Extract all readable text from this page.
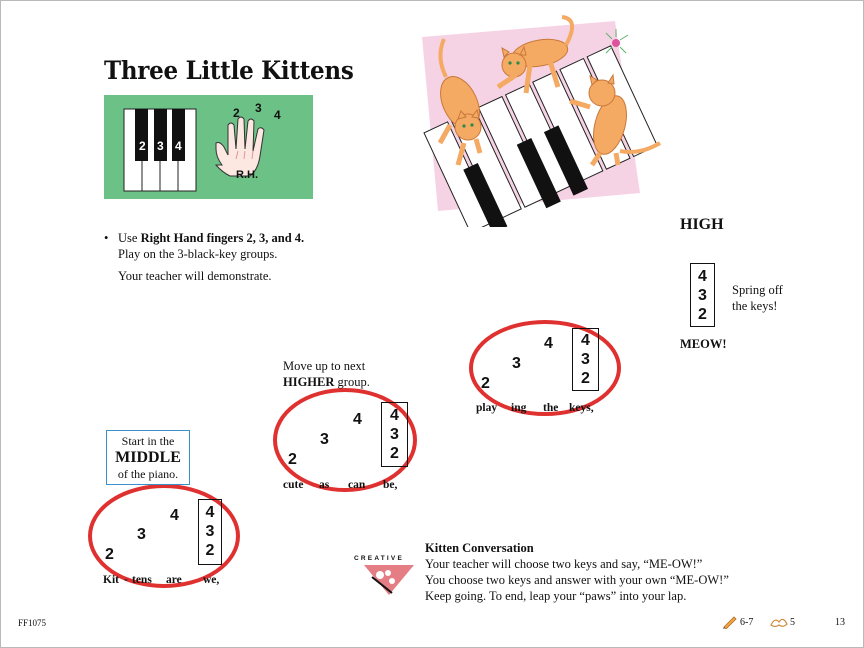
Three Little Kittens
2 3 4
2 3 4
R.H.
• Use Right Hand fingers 2, 3, and 4.
Play on the 3-black-key groups.
Your teacher will demonstrate.
HIGH
4
3
2
Spring off
the keys!
MEOW!
4
3
2
4
3
2
play ing the keys,
Move up to next
HIGHER group.
4
3
2
4
3
2
cute as can be,
Start in the
MIDDLE
of the piano.
4
3
2
4
3
2
Kit - tens are we,
CREATIVE
Kitten Conversation
Your teacher will choose two keys and say, “ME-OW!”
You choose two keys and answer with your own “ME-OW!”
Keep going. To end, leap your “paws” into your lap.
FF1075	6-7	5	13
